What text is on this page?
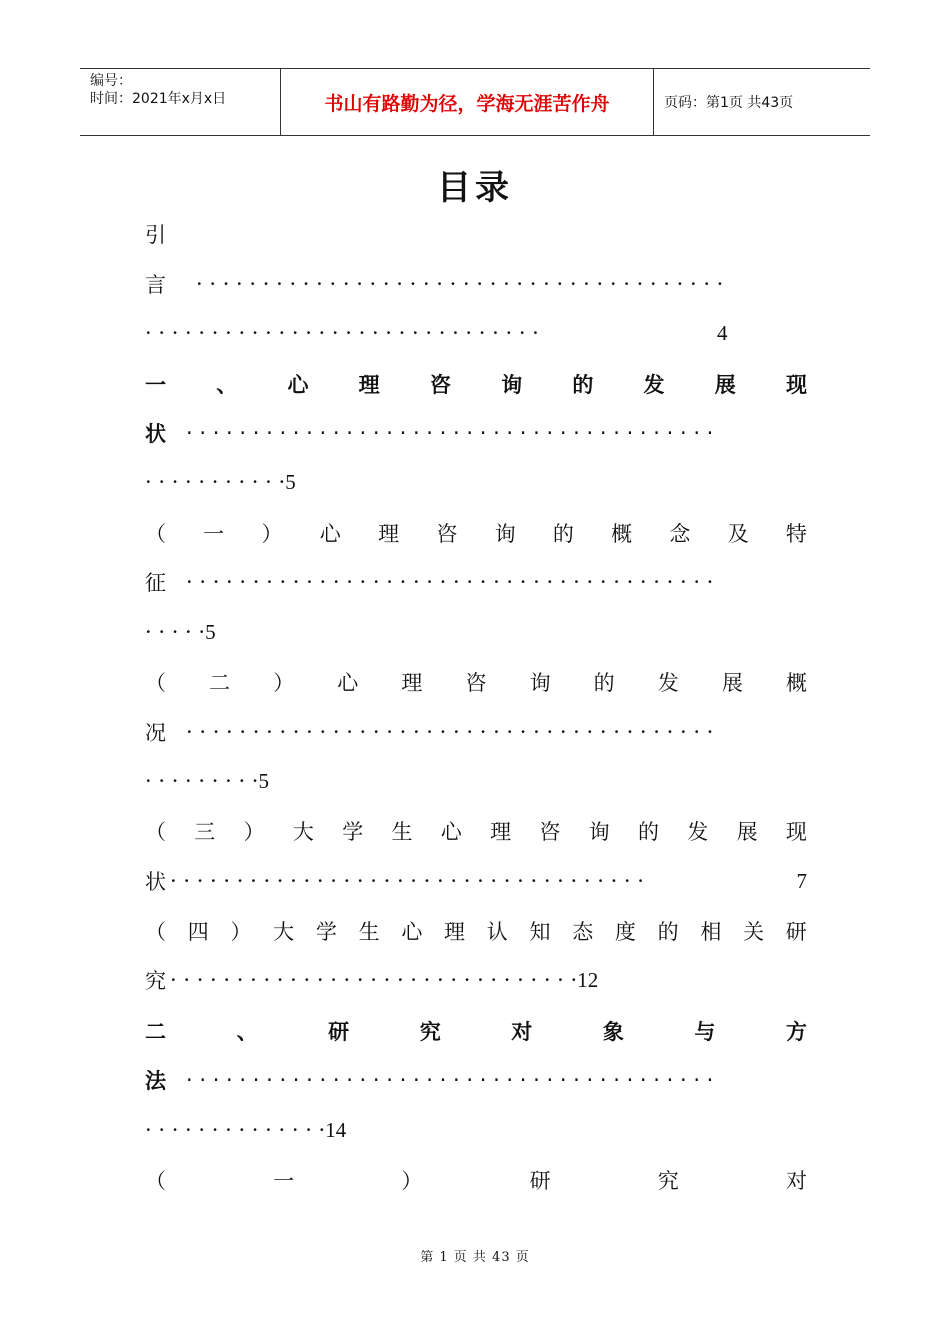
编号：
时间：2021年x月x日	书山有路勤为径，学海无涯苦作舟	页码：第1页 共43页
目录
引
言 · · · · · · · · · · · · · · · · · · · · · · · · · · · · · · · · · · · · · · · ·
· · · · · · · · · · · · · · · · · · · · · · · · · · · · · ·	4
一 、 心 理 咨 询 的 发 展 现
状 · · · · · · · · · · · · · · · · · · · · · · · · · · · · · · · · · · · · · · · ·
· · · · · · · · · · · 5
（ 一 ） 心 理 咨 询 的 概 念 及 特
征 · · · · · · · · · · · · · · · · · · · · · · · · · · · · · · · · · · · · · · · ·
· · · · · 5
（ 二 ） 心 理 咨 询 的 发 展 概
况 · · · · · · · · · · · · · · · · · · · · · · · · · · · · · · · · · · · · · · · ·
· · · · · · · · · 5
（ 三 ） 大 学 生 心 理 咨 询 的 发 展 现
状 · · · · · · · · · · · · · · · · · · · · · · · · · · · · · · · · · · · ·	7
（ 四 ） 大 学 生 心 理 认 知 态 度 的 相 关 研
究 · · · · · · · · · · · · · · · · · · · · · · · · · · · · · · · 12
二	、	研	究	对	象	与	方
法 · · · · · · · · · · · · · · · · · · · · · · · · · · · · · · · · · · · · · · · ·
· · · · · · · · · · · · · · 14
（	一	）	研	究	对
第 1 页 共 43 页
